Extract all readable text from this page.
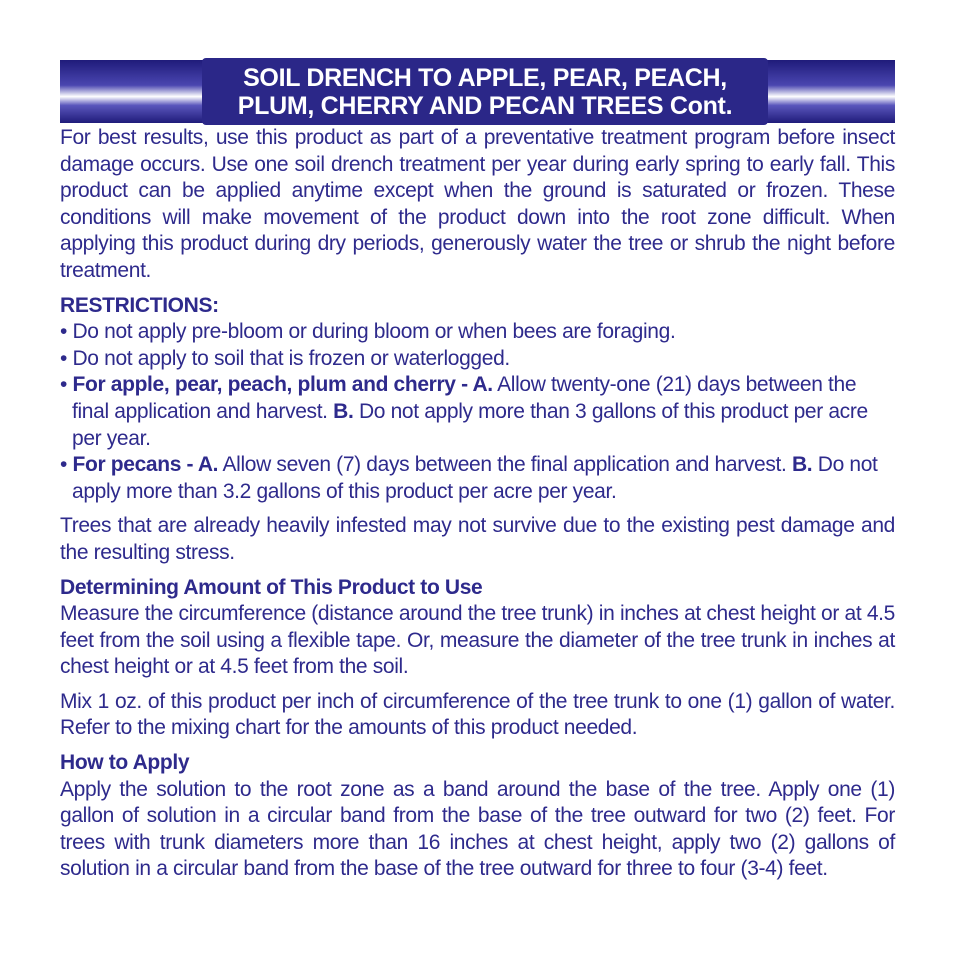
SOIL DRENCH TO APPLE, PEAR, PEACH,
PLUM, CHERRY AND PECAN TREES Cont.

For best results, use this product as part of a preventative treatment program before insect damage occurs. Use one soil drench treatment per year during early spring to early fall. This product can be applied anytime except when the ground is saturated or frozen. These conditions will make movement of the product down into the root zone difficult. When applying this product during dry periods, generously water the tree or shrub the night before treatment.

RESTRICTIONS:

• Do not apply pre-bloom or during bloom or when bees are foraging.

• Do not apply to soil that is frozen or waterlogged.

• For apple, pear, peach, plum and cherry - A. Allow twenty-one (21) days between the final application and harvest. B. Do not apply more than 3 gallons of this product per acre per year.

• For pecans - A. Allow seven (7) days between the final application and harvest. B. Do not apply more than 3.2 gallons of this product per acre per year.

Trees that are already heavily infested may not survive due to the existing pest damage and the resulting stress.

Determining Amount of This Product to Use

Measure the circumference (distance around the tree trunk) in inches at chest height or at 4.5 feet from the soil using a flexible tape. Or, measure the diameter of the tree trunk in inches at chest height or at 4.5 feet from the soil.

Mix 1 oz. of this product per inch of circumference of the tree trunk to one (1) gallon of water. Refer to the mixing chart for the amounts of this product needed.

How to Apply

Apply the solution to the root zone as a band around the base of the tree. Apply one (1) gallon of solution in a circular band from the base of the tree outward for two (2) feet. For trees with trunk diameters more than 16 inches at chest height, apply two (2) gallons of solution in a circular band from the base of the tree outward for three to four (3-4) feet.
